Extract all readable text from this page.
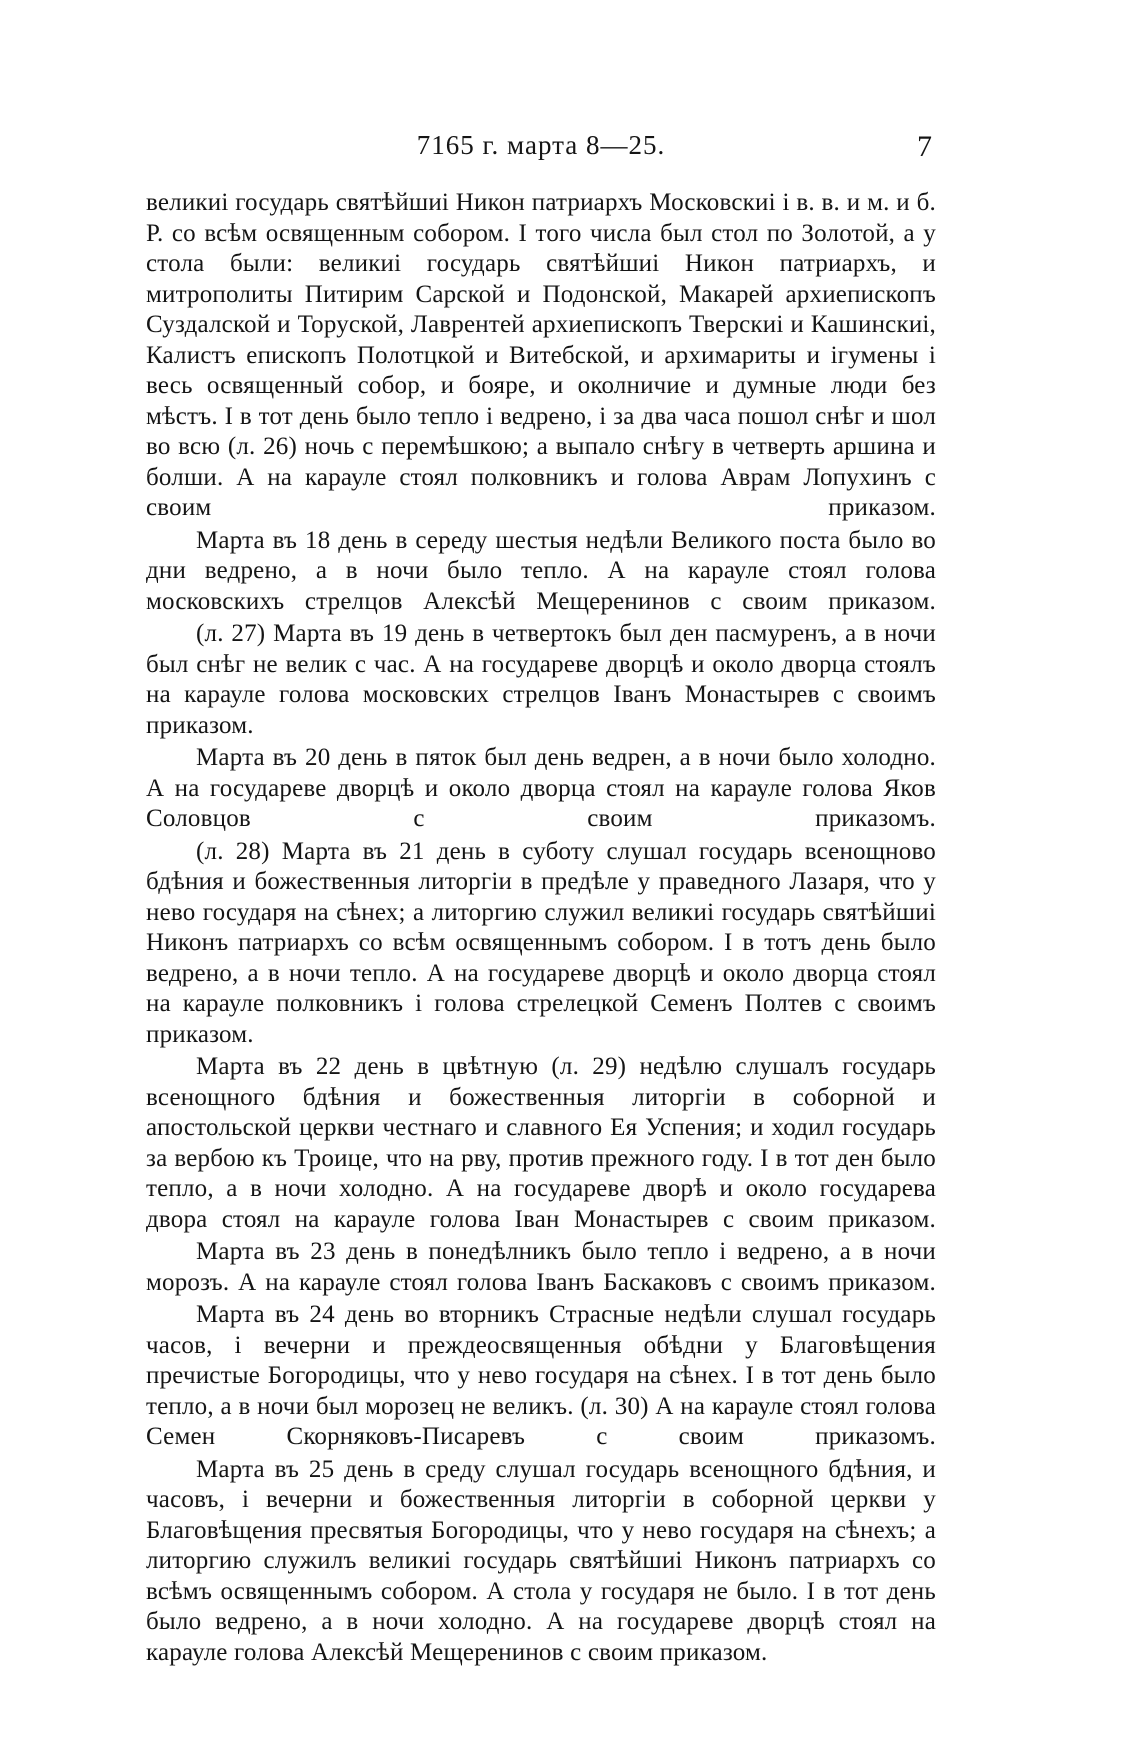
7165 г. марта 8—25.	7

великиі государь святѣйшиі Никон патриархъ Московскиі і в. в. и м. и б. Р. со всѣм освященным собором. І того числа был стол по Золотой, а у стола были: великиі государь святѣйшиі Никон патриархъ, и митрополиты Питирим Сарской и Подонской, Макарей архиепископъ Суздалской и Торуской, Лаврентей архиепископъ Тверскиі и Кашинскиі, Калистъ епископъ Полотцкой и Витебской, и архимариты и ігумены і весь освященный собор, и бояре, и околничие и думные люди без мѣстъ. І в тот день было тепло і ведрено, і за два часа пошол снѣг и шол во всю (л. 26) ночь с перемѣшкою; а выпало снѣгу в четверть аршина и болши. А на карауле стоял полковникъ и голова Аврам Лопухинъ с своим приказом.

Марта въ 18 день в середу шестыя недѣли Великого поста было во дни ведрено, а в ночи было тепло. А на карауле стоял голова московскихъ стрелцов Алексѣй Мещеренинов с своим приказом.

(л. 27) Марта въ 19 день в четвертокъ был ден пасмуренъ, а в ночи был снѣг не велик с час. А на государеве дворцѣ и около дворца стоялъ на карауле голова московских стрелцов Іванъ Монастырев с своимъ приказом.

Марта въ 20 день в пяток был день ведрен, а в ночи было холодно. А на государеве дворцѣ и около дворца стоял на карауле голова Яков Соловцов с своим приказомъ.

(л. 28) Марта въ 21 день в суботу слушал государь всенощново бдѣния и божественныя литоргіи в предѣле у праведного Лазаря, что у нево государя на сѣнех; а литоргию служил великиі государь святѣйшиі Никонъ патриархъ со всѣм освященнымъ собором. І в тотъ день было ведрено, а в ночи тепло. А на государеве дворцѣ и около дворца стоял на карауле полковникъ і голова стрелецкой Семенъ Полтев с своимъ приказом.

Марта въ 22 день в цвѣтную (л. 29) недѣлю слушалъ государь всенощного бдѣния и божественныя литоргіи в соборной и апостольской церкви честнаго и славного Ея Успения; и ходил государь за вербою къ Троице, что на рву, против прежного году. І в тот ден было тепло, а в ночи холодно. А на государеве дворѣ и около государева двора стоял на карауле голова Іван Монастырев с своим приказом.

Марта въ 23 день в понедѣлникъ было тепло і ведрено, а в ночи морозъ. А на карауле стоял голова Іванъ Баскаковъ с своимъ приказом.

Марта въ 24 день во вторникъ Страсные недѣли слушал государь часов, і вечерни и преждеосвященныя обѣдни у Благовѣщения пречистые Богородицы, что у нево государя на сѣнех. І в тот день было тепло, а в ночи был морозец не великъ. (л. 30) А на карауле стоял голова Семен Скорняковъ-Писаревъ с своим приказомъ.

Марта въ 25 день в среду слушал государь всенощного бдѣния, и часовъ, і вечерни и божественныя литоргіи в соборной церкви у Благовѣщения пресвятыя Богородицы, что у нево государя на сѣнехъ; а литоргию служилъ великиі государь святѣйшиі Никонъ патриархъ со всѣмъ освященнымъ собором. А стола у государя не было. І в тот день было ведрено, а в ночи холодно. А на государеве дворцѣ стоял на карауле голова Алексѣй Мещеренинов с своим приказом.
